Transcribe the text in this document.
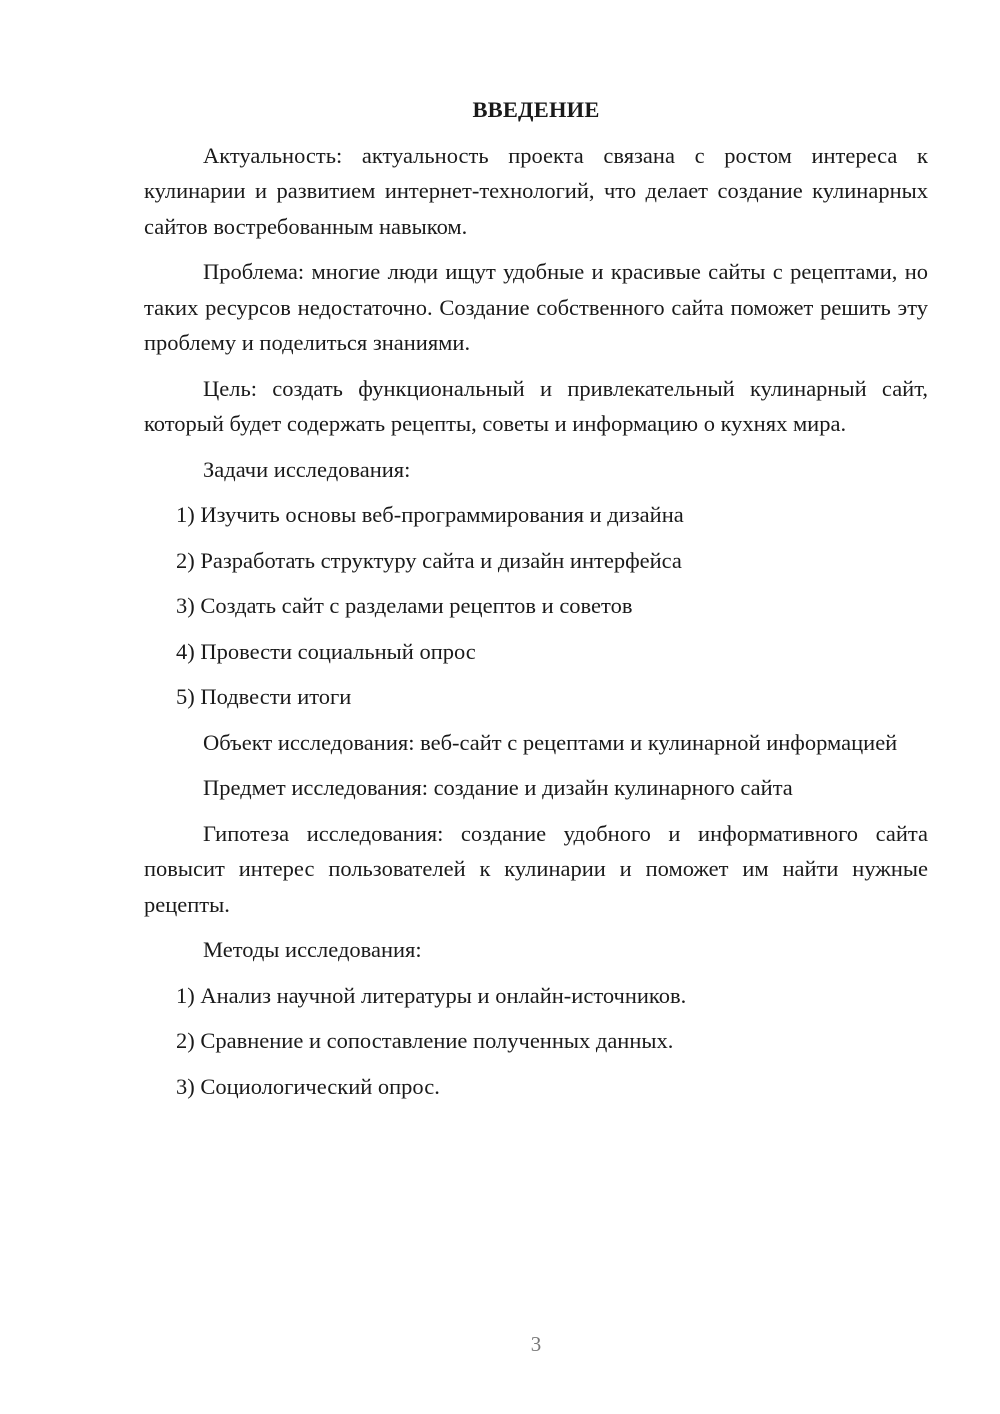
ВВЕДЕНИЕ

Актуальность: актуальность проекта связана с ростом интереса к кулинарии и развитием интернет-технологий, что делает создание кулинарных сайтов востребованным навыком.

Проблема: многие люди ищут удобные и красивые сайты с рецептами, но таких ресурсов недостаточно. Создание собственного сайта поможет решить эту проблему и поделиться знаниями.

Цель: создать функциональный и привлекательный кулинарный сайт, который будет содержать рецепты, советы и информацию о кухнях мира.

Задачи исследования:

1) Изучить основы веб-программирования и дизайна
2) Разработать структуру сайта и дизайн интерфейса
3) Создать сайт с разделами рецептов и советов
4) Провести социальный опрос
5) Подвести итоги

Объект исследования: веб-сайт с рецептами и кулинарной информацией

Предмет исследования: создание и дизайн кулинарного сайта

Гипотеза исследования: создание удобного и информативного сайта повысит интерес пользователей к кулинарии и поможет им найти нужные рецепты.

Методы исследования:

1) Анализ научной литературы и онлайн-источников.
2) Сравнение и сопоставление полученных данных.
3) Социологический опрос.
3
